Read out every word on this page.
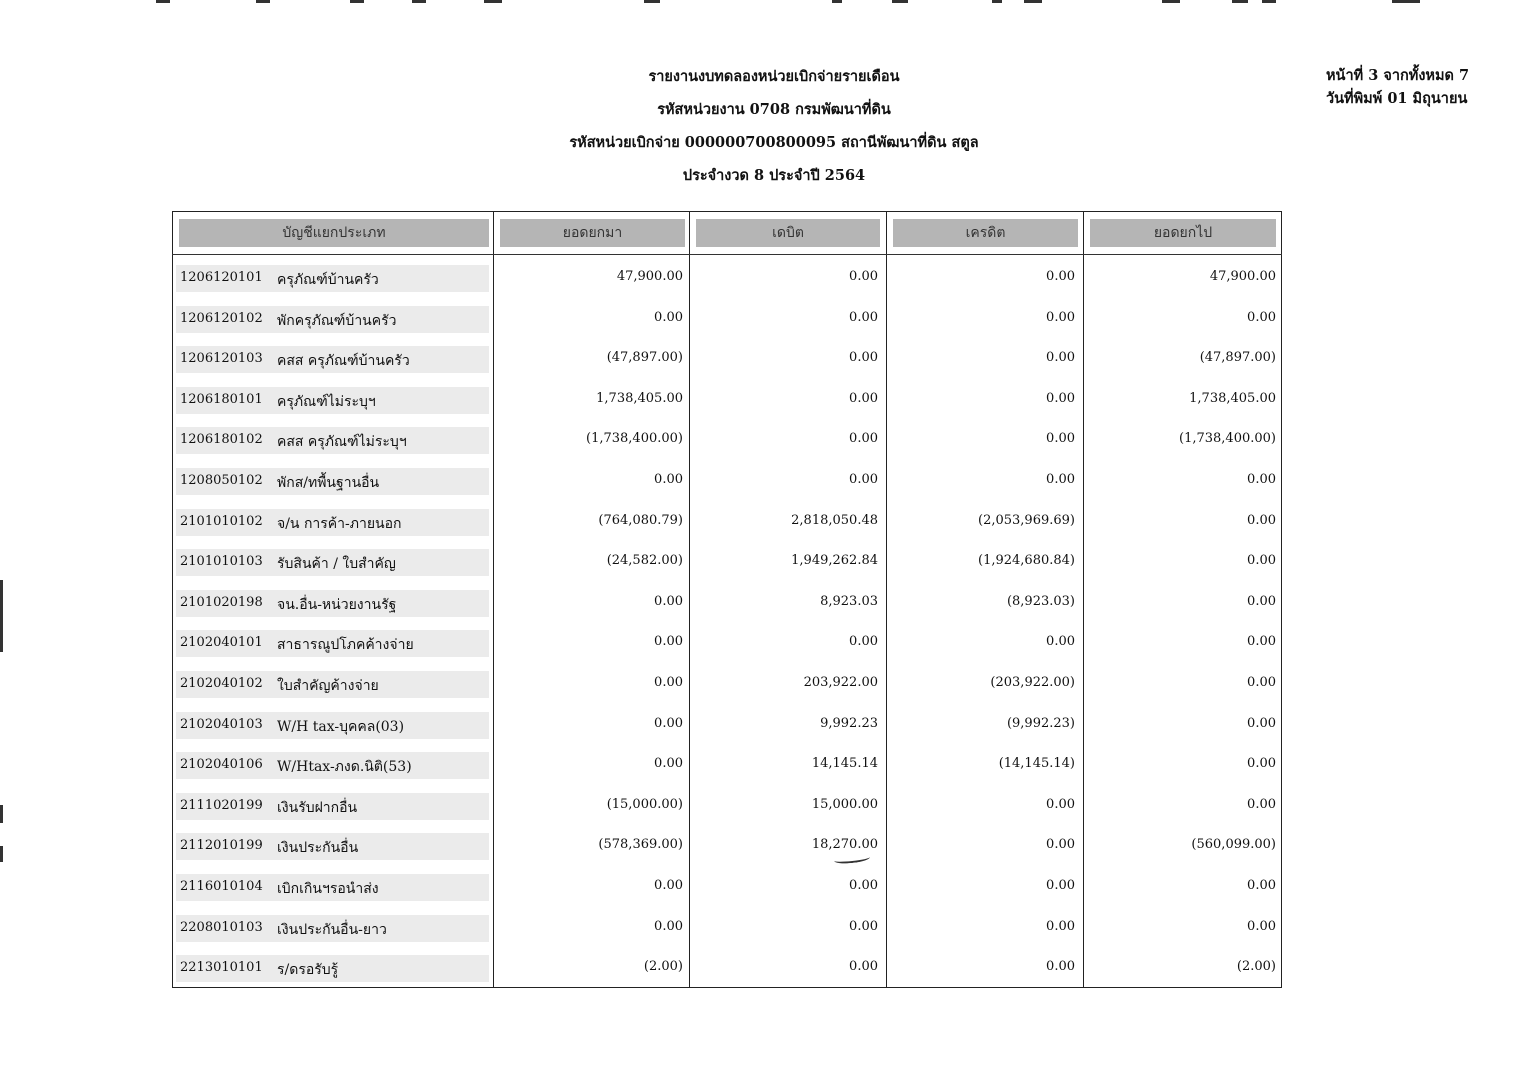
รายงานงบทดลองหน่วยเบิกจ่ายรายเดือน
รหัสหน่วยงาน 0708 กรมพัฒนาที่ดิน
รหัสหน่วยเบิกจ่าย 000000700800095 สถานีพัฒนาที่ดิน สตูล
ประจำงวด 8 ประจำปี 2564
หน้าที่ 3 จากทั้งหมด 7
วันที่พิมพ์ 01 มิถุนายน
บัญชีแยกประเภท	ยอดยกมา	เดบิต	เครดิต	ยอดยกไป
1206120101 ครุภัณฑ์บ้านครัว	47,900.00	0.00	0.00	47,900.00
1206120102 พักครุภัณฑ์บ้านครัว	0.00	0.00	0.00	0.00
1206120103 คสส ครุภัณฑ์บ้านครัว	(47,897.00)	0.00	0.00	(47,897.00)
1206180101 ครุภัณฑ์ไม่ระบุฯ	1,738,405.00	0.00	0.00	1,738,405.00
1206180102 คสส ครุภัณฑ์ไม่ระบุฯ	(1,738,400.00)	0.00	0.00	(1,738,400.00)
1208050102 พักส/ทพื้นฐานอื่น	0.00	0.00	0.00	0.00
2101010102 จ/น การค้า-ภายนอก	(764,080.79)	2,818,050.48	(2,053,969.69)	0.00
2101010103 รับสินค้า / ใบสำคัญ	(24,582.00)	1,949,262.84	(1,924,680.84)	0.00
2101020198 จน.อื่น-หน่วยงานรัฐ	0.00	8,923.03	(8,923.03)	0.00
2102040101 สาธารณูปโภคค้างจ่าย	0.00	0.00	0.00	0.00
2102040102 ใบสำคัญค้างจ่าย	0.00	203,922.00	(203,922.00)	0.00
2102040103 W/H tax-บุคคล(03)	0.00	9,992.23	(9,992.23)	0.00
2102040106 W/Htax-ภงด.นิติ(53)	0.00	14,145.14	(14,145.14)	0.00
2111020199 เงินรับฝากอื่น	(15,000.00)	15,000.00	0.00	0.00
2112010199 เงินประกันอื่น	(578,369.00)	18,270.00	0.00	(560,099.00)
2116010104 เบิกเกินฯรอนำส่ง	0.00	0.00	0.00	0.00
2208010103 เงินประกันอื่น-ยาว	0.00	0.00	0.00	0.00
2213010101 ร/ดรอรับรู้	(2.00)	0.00	0.00	(2.00)
